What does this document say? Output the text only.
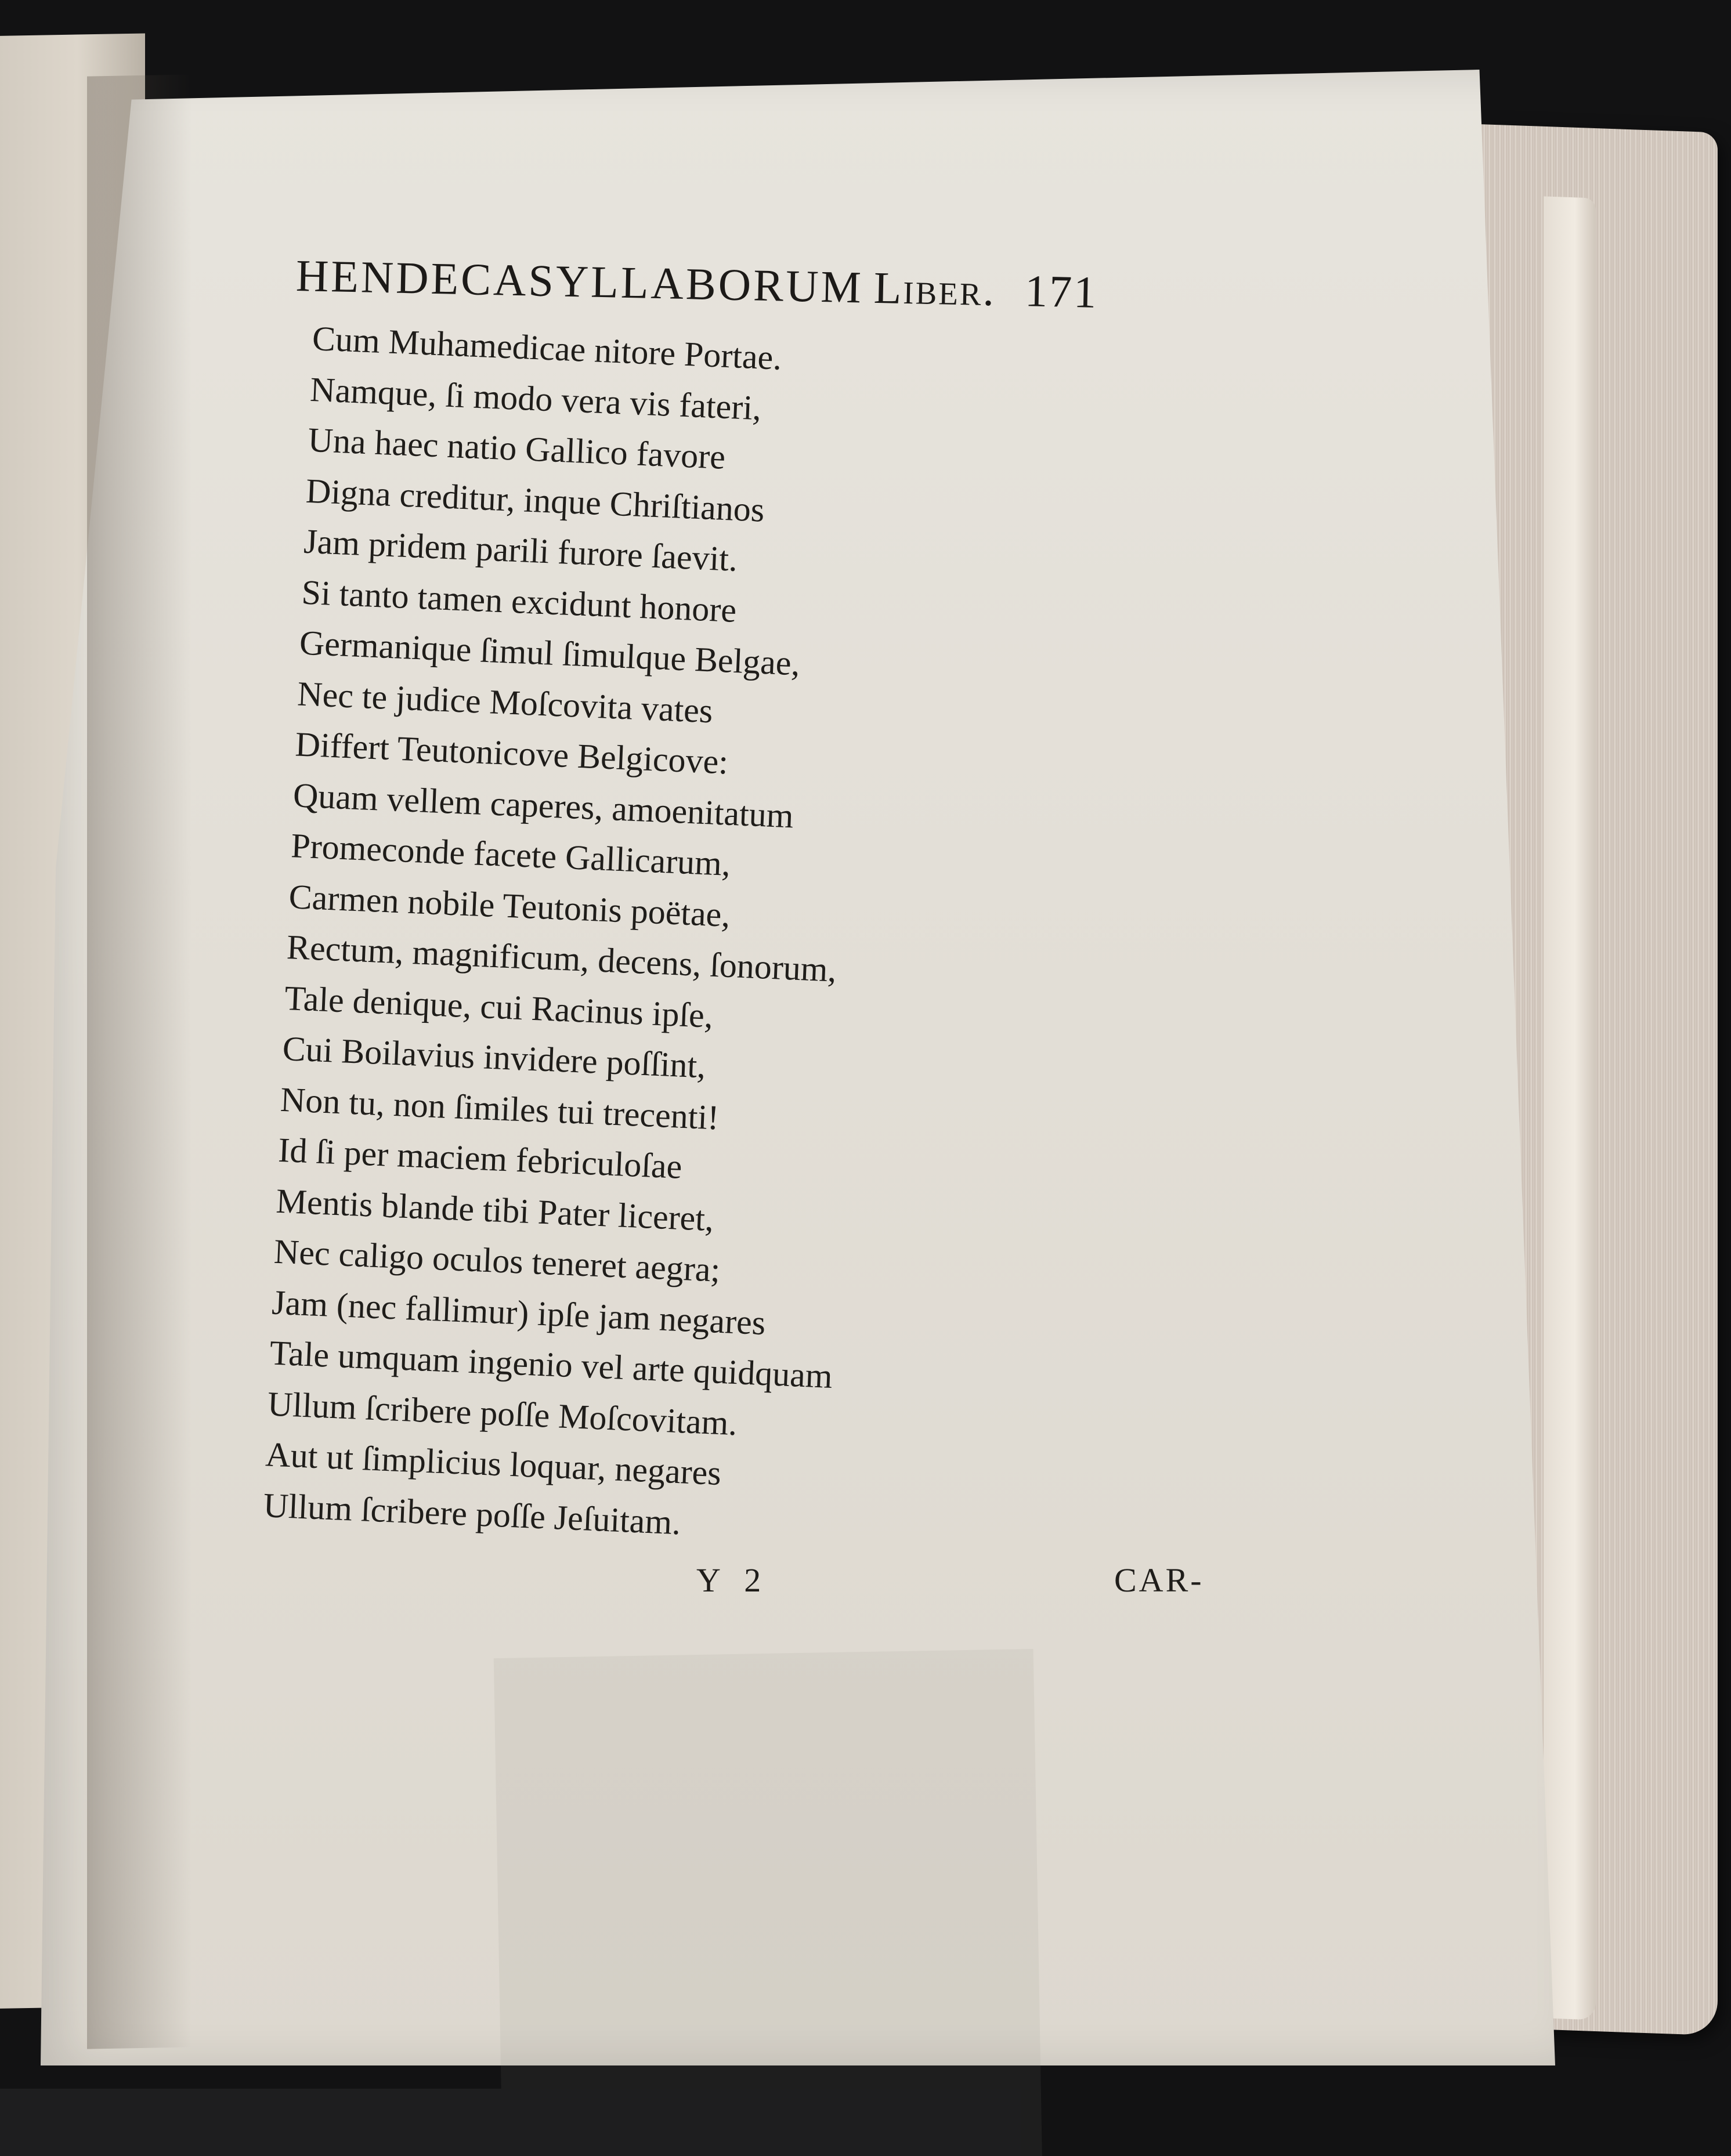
HENDECASYLLABORUM Liber. 171
Cum Muhamedicae nitore Portae.
Namque, ſi modo vera vis fateri,
Una haec natio Gallico favore
Digna creditur, inque Chriſtianos
Jam pridem parili furore ſaevit.
Si tanto tamen excidunt honore
Germanique ſimul ſimulque Belgae,
Nec te judice Moſcovita vates
Differt Teutonicove Belgicove:
Quam vellem caperes, amoenitatum
Promeconde facete Gallicarum,
Carmen nobile Teutonis poëtae,
Rectum, magnificum, decens, ſonorum,
Tale denique, cui Racinus ipſe,
Cui Boilavius invidere poſſint,
Non tu, non ſimiles tui trecenti!
Id ſi per maciem febriculoſae
Mentis blande tibi Pater liceret,
Nec caligo oculos teneret aegra;
Jam (nec fallimur) ipſe jam negares
Tale umquam ingenio vel arte quidquam
Ullum ſcribere poſſe Moſcovitam.
Aut ut ſimplicius loquar, negares
Ullum ſcribere poſſe Jeſuitam.
Y 2	CAR-
